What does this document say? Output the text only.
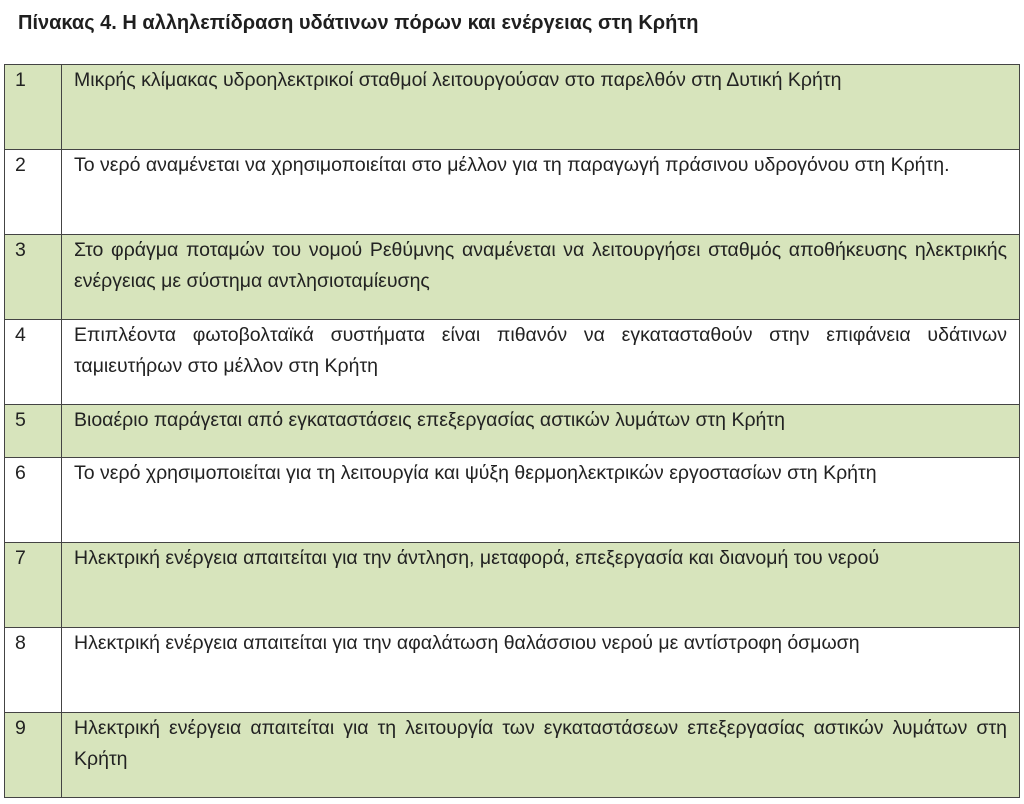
Πίνακας 4. Η αλληλεπίδραση υδάτινων πόρων και ενέργειας στη Κρήτη
1	Μικρής κλίμακας υδροηλεκτρικοί σταθμοί λειτουργούσαν στο παρελθόν στη Δυτική Κρήτη
2	Το νερό αναμένεται να χρησιμοποιείται στο μέλλον για τη παραγωγή πράσινου υδρογόνου στη Κρήτη.
3	Στο φράγμα ποταμών του νομού Ρεθύμνης αναμένεται να λειτουργήσει σταθμός αποθήκευσης ηλεκτρικής ενέργειας με σύστημα αντλησιοταμίευσης
4	Επιπλέοντα φωτοβολταϊκά συστήματα είναι πιθανόν να εγκατασταθούν στην επιφάνεια υδάτινων ταμιευτήρων στο μέλλον στη Κρήτη
5	Βιοαέριο παράγεται από εγκαταστάσεις επεξεργασίας αστικών λυμάτων στη Κρήτη
6	Το νερό χρησιμοποιείται για τη λειτουργία και ψύξη θερμοηλεκτρικών εργοστασίων στη Κρήτη
7	Ηλεκτρική ενέργεια απαιτείται για την άντληση, μεταφορά, επεξεργασία και διανομή του νερού
8	Ηλεκτρική ενέργεια απαιτείται για την αφαλάτωση θαλάσσιου νερού με αντίστροφη όσμωση
9	Ηλεκτρική ενέργεια απαιτείται για τη λειτουργία των εγκαταστάσεων επεξεργασίας αστικών λυμάτων στη Κρήτη
